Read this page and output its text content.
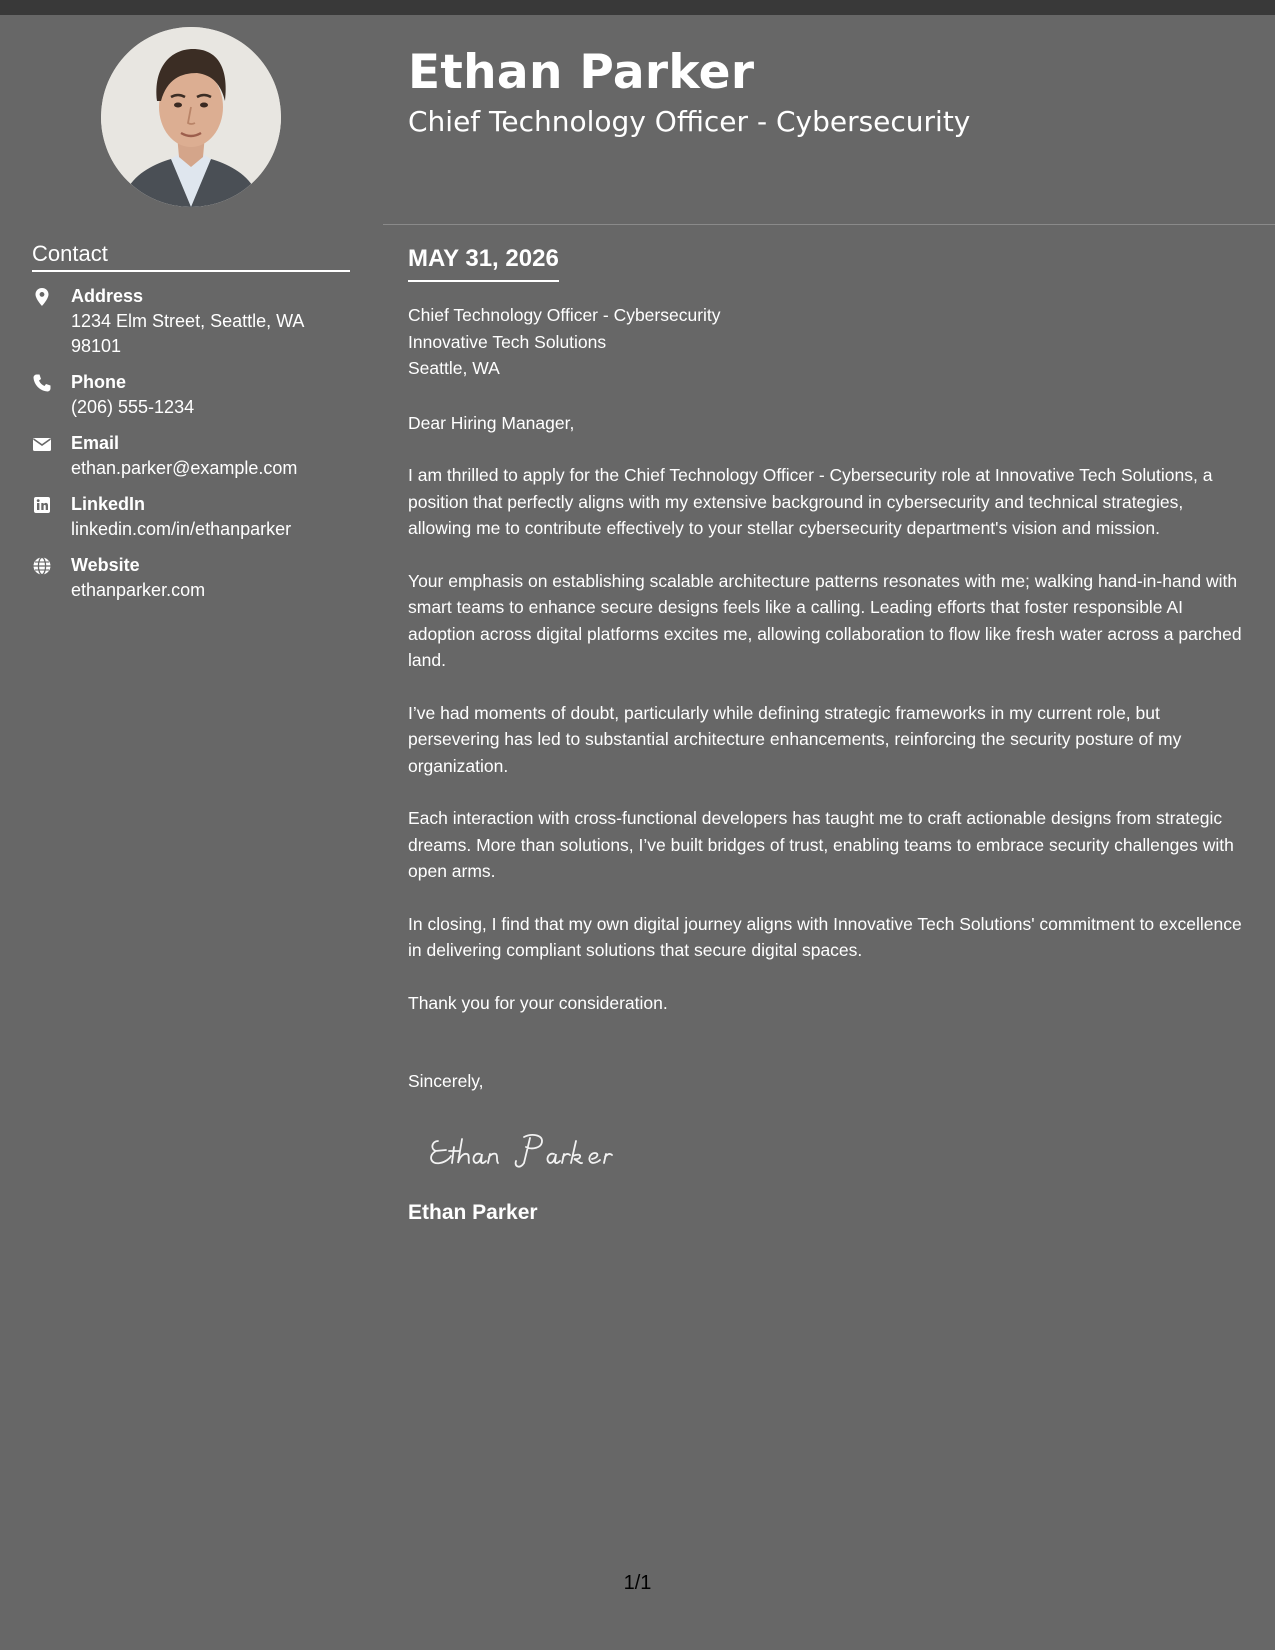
Ethan Parker
Chief Technology Officer - Cybersecurity
Contact
Address
1234 Elm Street, Seattle, WA 98101
Phone
(206) 555-1234
Email
ethan.parker@example.com
LinkedIn
linkedin.com/in/ethanparker
Website
ethanparker.com
MAY 31, 2026

Chief Technology Officer - Cybersecurity

Innovative Tech Solutions

Seattle, WA

Dear Hiring Manager,

I am thrilled to apply for the Chief Technology Officer - Cybersecurity role at Innovative Tech Solutions, a position that perfectly aligns with my extensive background in cybersecurity and technical strategies, allowing me to contribute effectively to your stellar cybersecurity department's vision and mission.

Your emphasis on establishing scalable architecture patterns resonates with me; walking hand-in-hand with smart teams to enhance secure designs feels like a calling. Leading efforts that foster responsible AI adoption across digital platforms excites me, allowing collaboration to flow like fresh water across a parched land.

I’ve had moments of doubt, particularly while defining strategic frameworks in my current role, but persevering has led to substantial architecture enhancements, reinforcing the security posture of my organization.

Each interaction with cross-functional developers has taught me to craft actionable designs from strategic dreams. More than solutions, I’ve built bridges of trust, enabling teams to embrace security challenges with open arms.

In closing, I find that my own digital journey aligns with Innovative Tech Solutions' commitment to excellence in delivering compliant solutions that secure digital spaces.

Thank you for your consideration.

Sincerely,

Ethan Parker

1/1
